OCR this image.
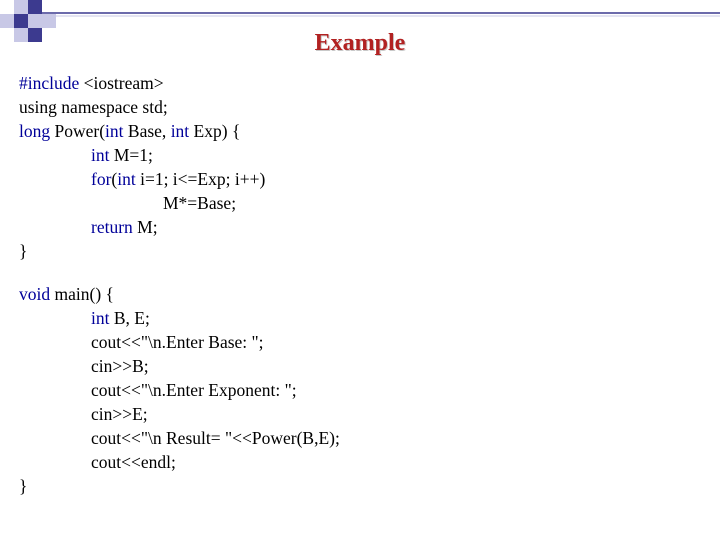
Example
#include <iostream>
using namespace std;
long Power(int Base, int Exp) {
int M=1;
for(int i=1; i<=Exp; i++)
M*=Base;
return M;
}
void main() {
int B, E;
cout<<"\n.Enter Base: ";
cin>>B;
cout<<"\n.Enter Exponent: ";
cin>>E;
cout<<"\n Result= "<<Power(B,E);
cout<<endl;
}
